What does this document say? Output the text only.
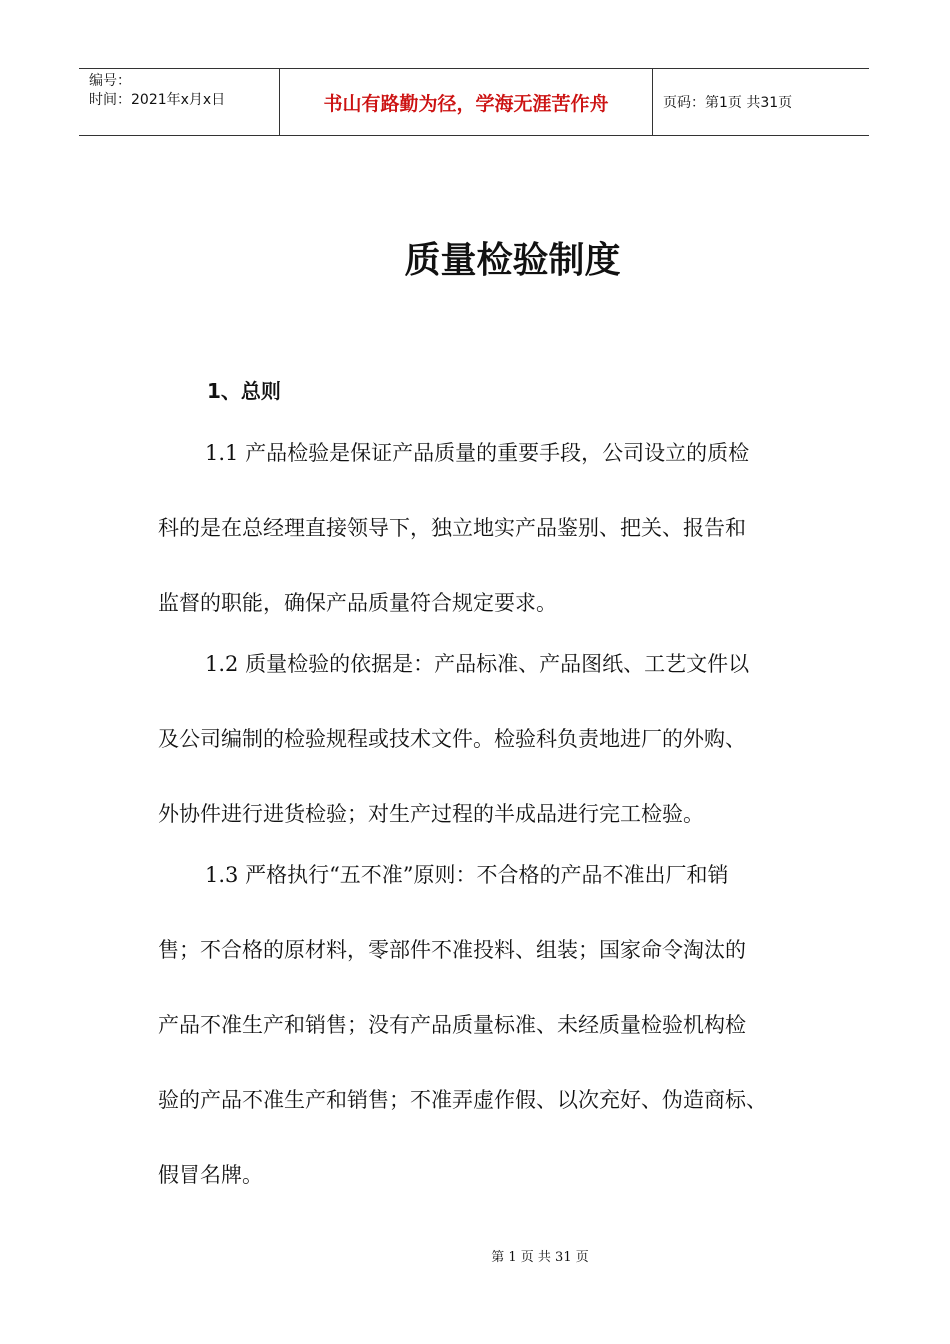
编号：
时间：2021年x月x日	书山有路勤为径，学海无涯苦作舟	页码：第1页 共31页
质量检验制度
1、总则
1.1 产品检验是保证产品质量的重要手段，公司设立的质检
科的是在总经理直接领导下，独立地实产品鉴别、把关、报告和
监督的职能，确保产品质量符合规定要求。
1.2 质量检验的依据是：产品标准、产品图纸、工艺文件以
及公司编制的检验规程或技术文件。检验科负责地进厂的外购、
外协件进行进货检验；对生产过程的半成品进行完工检验。
1.3 严格执行“五不准”原则：不合格的产品不准出厂和销
售；不合格的原材料，零部件不准投料、组装；国家命令淘汰的
产品不准生产和销售；没有产品质量标准、未经质量检验机构检
验的产品不准生产和销售；不准弄虚作假、以次充好、伪造商标、
假冒名牌。
第 1 页 共 31 页
